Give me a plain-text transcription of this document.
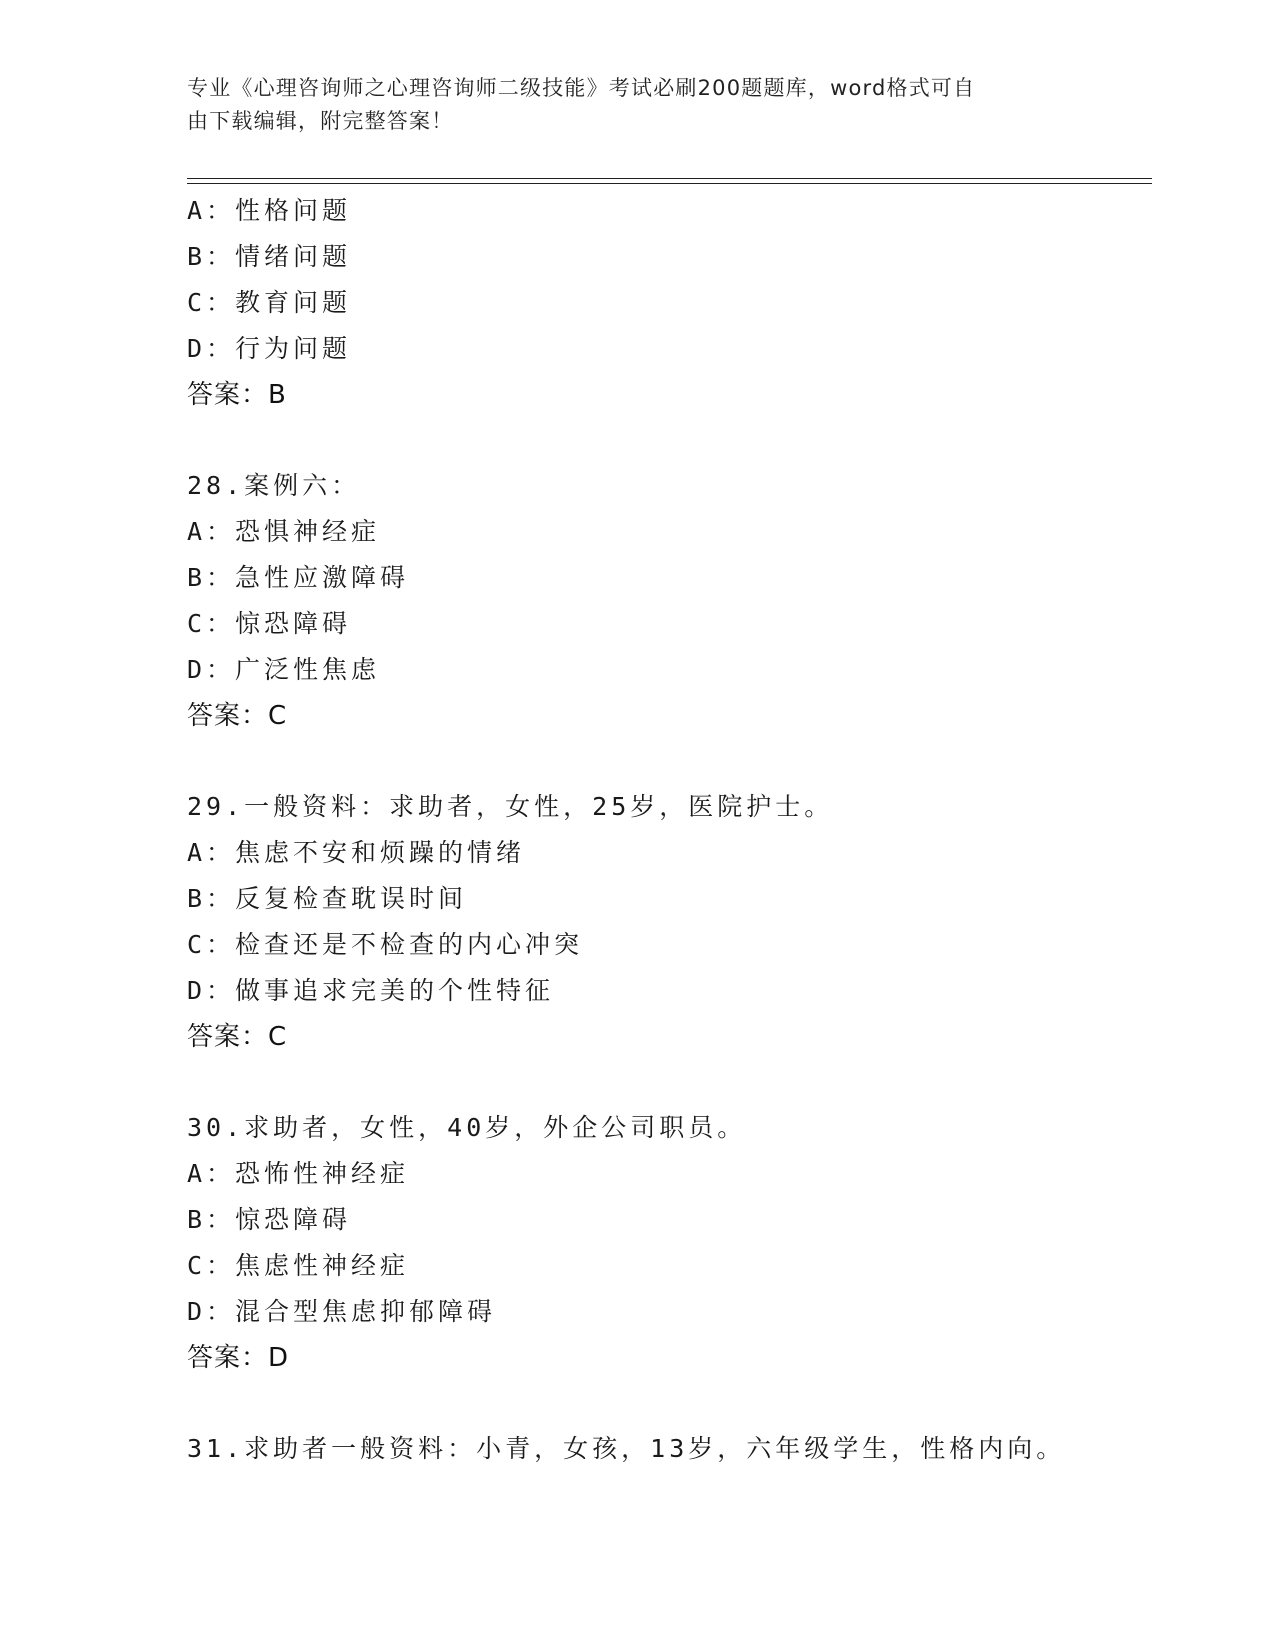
专业《心理咨询师之心理咨询师二级技能》考试必刷200题题库，word格式可自
由下载编辑，附完整答案！
A：性格问题
B：情绪问题
C：教育问题
D：行为问题
答案：B
28.案例六：
A：恐惧神经症
B：急性应激障碍
C：惊恐障碍
D：广泛性焦虑
答案：C
29.一般资料：求助者，女性，25岁，医院护士。
A：焦虑不安和烦躁的情绪
B：反复检查耽误时间
C：检查还是不检查的内心冲突
D：做事追求完美的个性特征
答案：C
30.求助者，女性，40岁，外企公司职员。
A：恐怖性神经症
B：惊恐障碍
C：焦虑性神经症
D：混合型焦虑抑郁障碍
答案：D
31.求助者一般资料：小青，女孩，13岁，六年级学生，性格内向。
